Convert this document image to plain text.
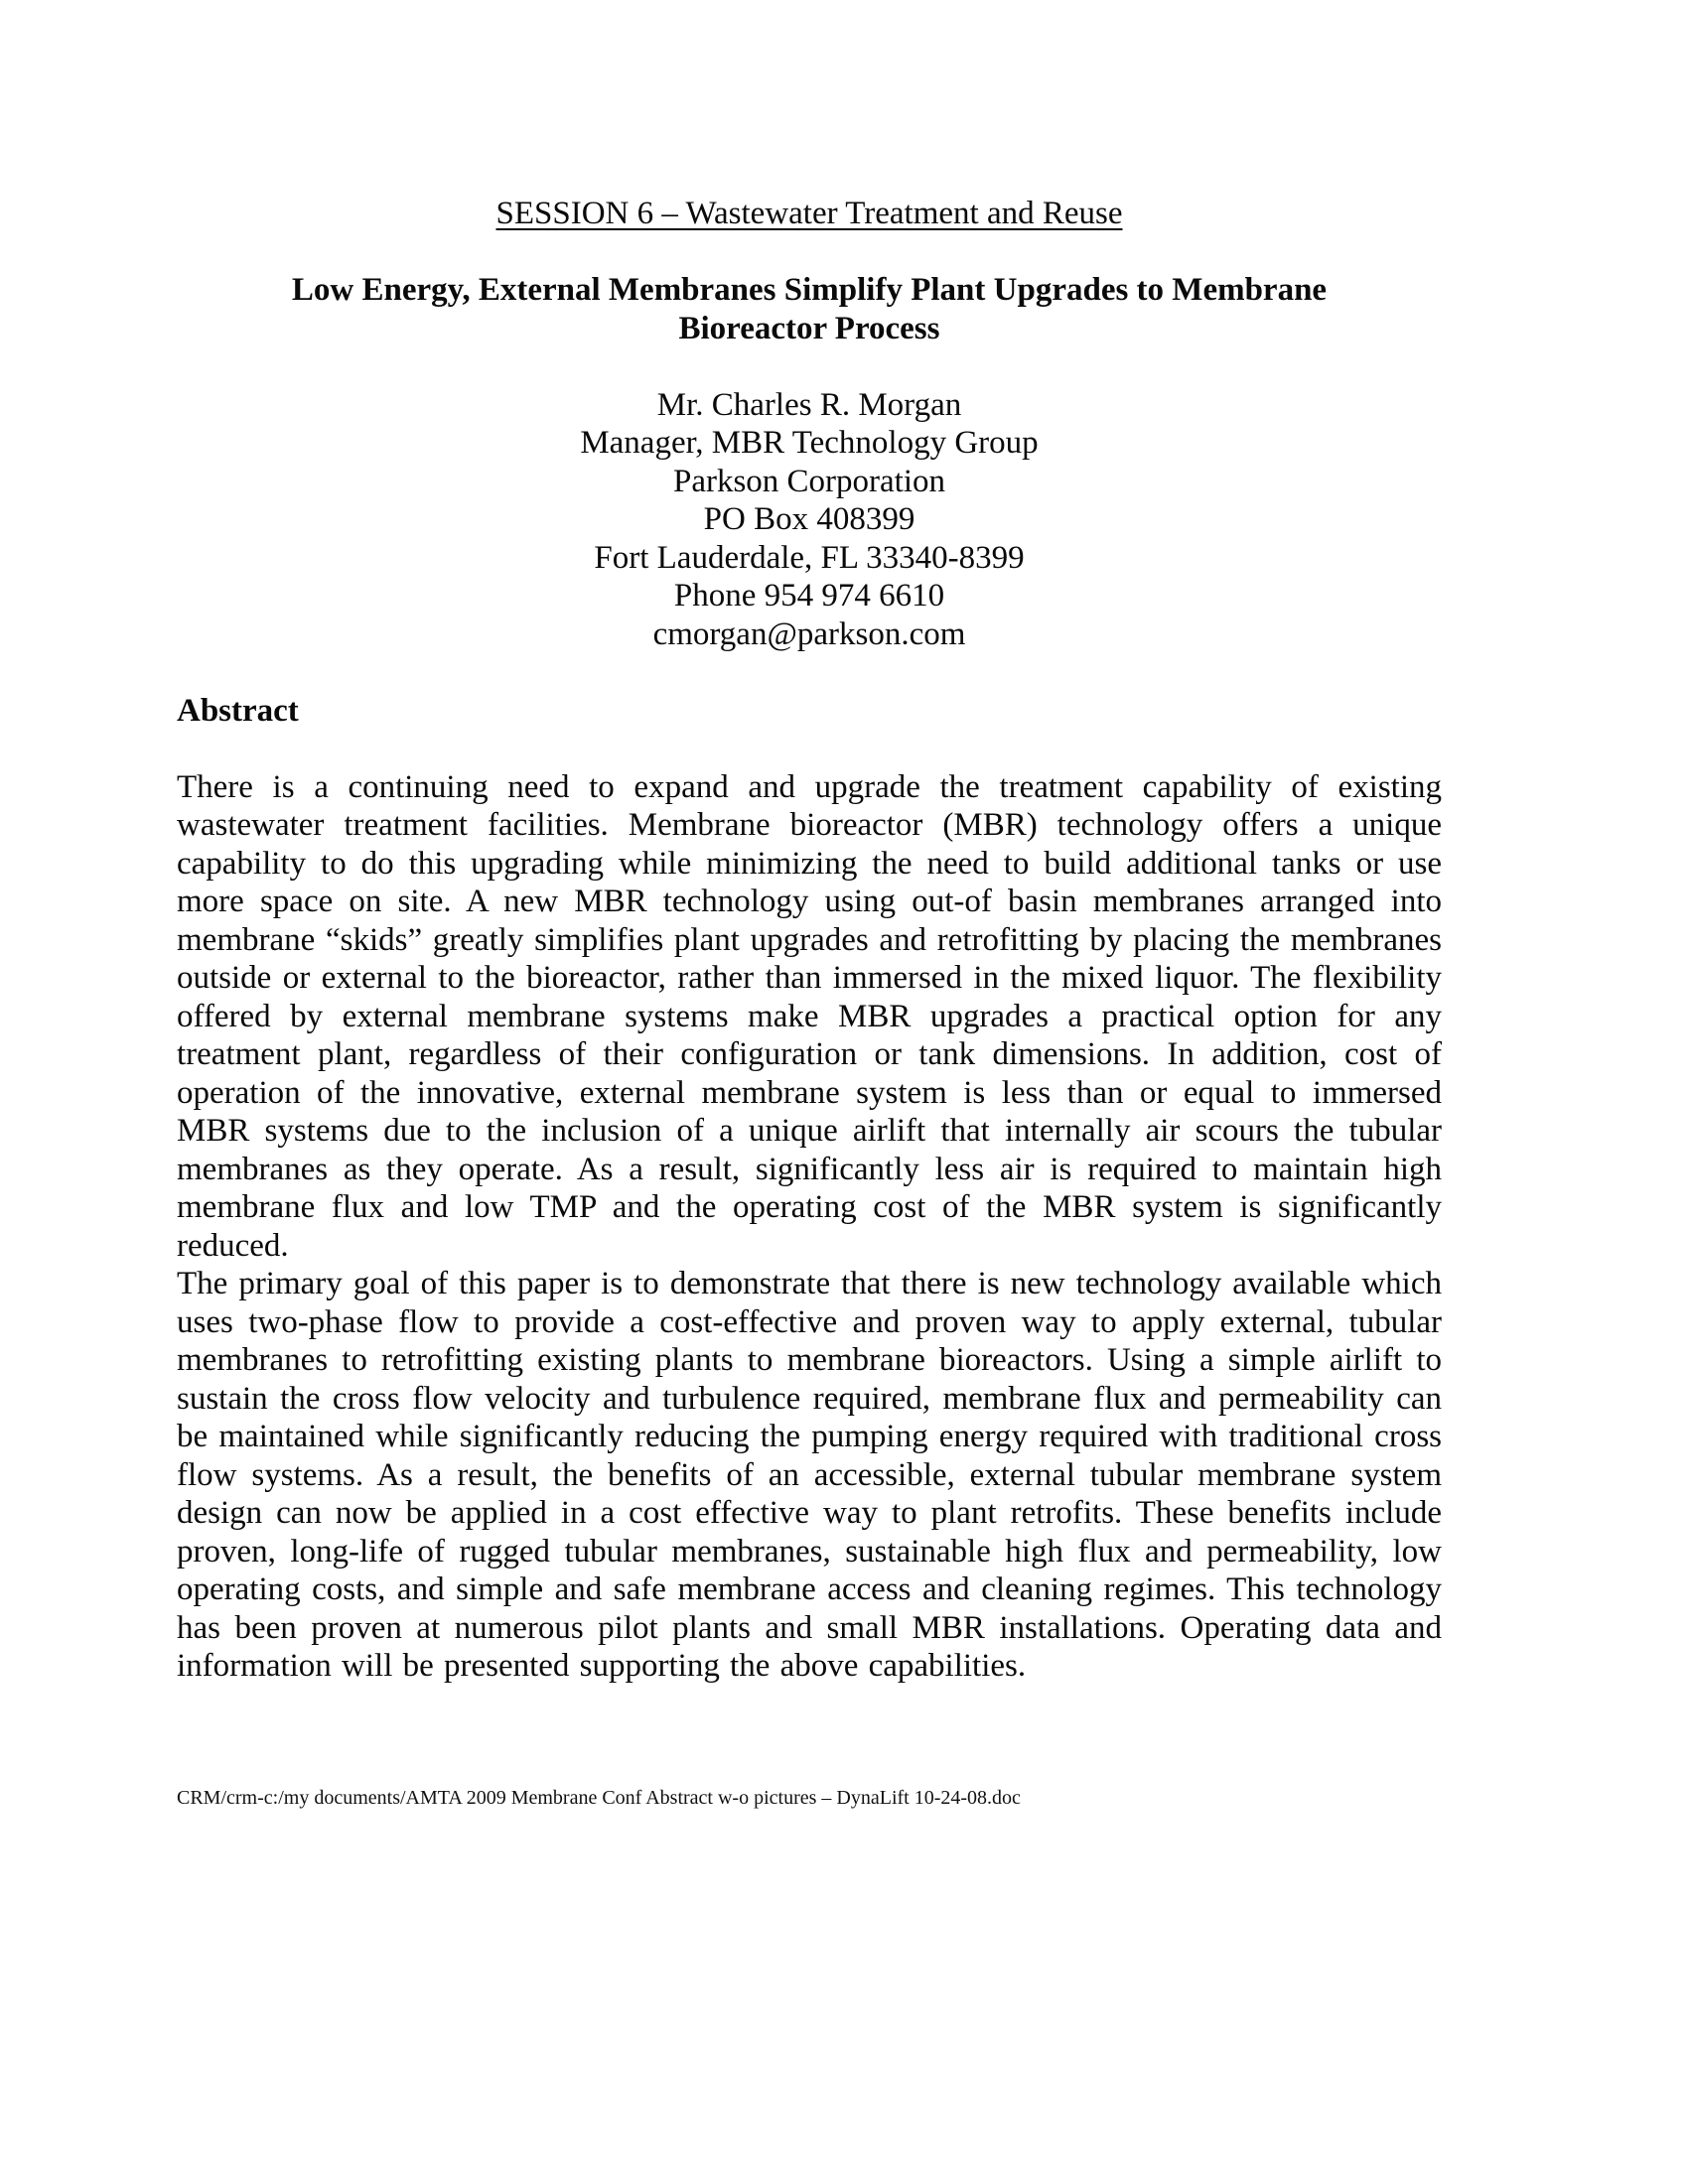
SESSION 6 – Wastewater Treatment and Reuse
Low Energy, External Membranes Simplify Plant Upgrades to Membrane
Bioreactor Process
Mr. Charles R. Morgan
Manager, MBR Technology Group
Parkson Corporation
PO Box 408399
Fort Lauderdale, FL 33340-8399
Phone 954 974 6610
cmorgan@parkson.com
Abstract

There is a continuing need to expand and upgrade the treatment capability of existing wastewater treatment facilities. Membrane bioreactor (MBR) technology offers a unique capability to do this upgrading while minimizing the need to build additional tanks or use more space on site. A new MBR technology using out-of basin membranes arranged into membrane “skids” greatly simplifies plant upgrades and retrofitting by placing the membranes outside or external to the bioreactor, rather than immersed in the mixed liquor. The flexibility offered by external membrane systems make MBR upgrades a practical option for any treatment plant, regardless of their configuration or tank dimensions. In addition, cost of operation of the innovative, external membrane system is less than or equal to immersed MBR systems due to the inclusion of a unique airlift that internally air scours the tubular membranes as they operate. As a result, significantly less air is required to maintain high membrane flux and low TMP and the operating cost of the MBR system is significantly reduced.

The primary goal of this paper is to demonstrate that there is new technology available which uses two-phase flow to provide a cost-effective and proven way to apply external, tubular membranes to retrofitting existing plants to membrane bioreactors. Using a simple airlift to sustain the cross flow velocity and turbulence required, membrane flux and permeability can be maintained while significantly reducing the pumping energy required with traditional cross flow systems. As a result, the benefits of an accessible, external tubular membrane system design can now be applied in a cost effective way to plant retrofits. These benefits include proven, long-life of rugged tubular membranes, sustainable high flux and permeability, low operating costs, and simple and safe membrane access and cleaning regimes. This technology has been proven at numerous pilot plants and small MBR installations. Operating data and information will be presented supporting the above capabilities.

CRM/crm-c:/my documents/AMTA 2009 Membrane Conf Abstract w-o pictures – DynaLift 10-24-08.doc
